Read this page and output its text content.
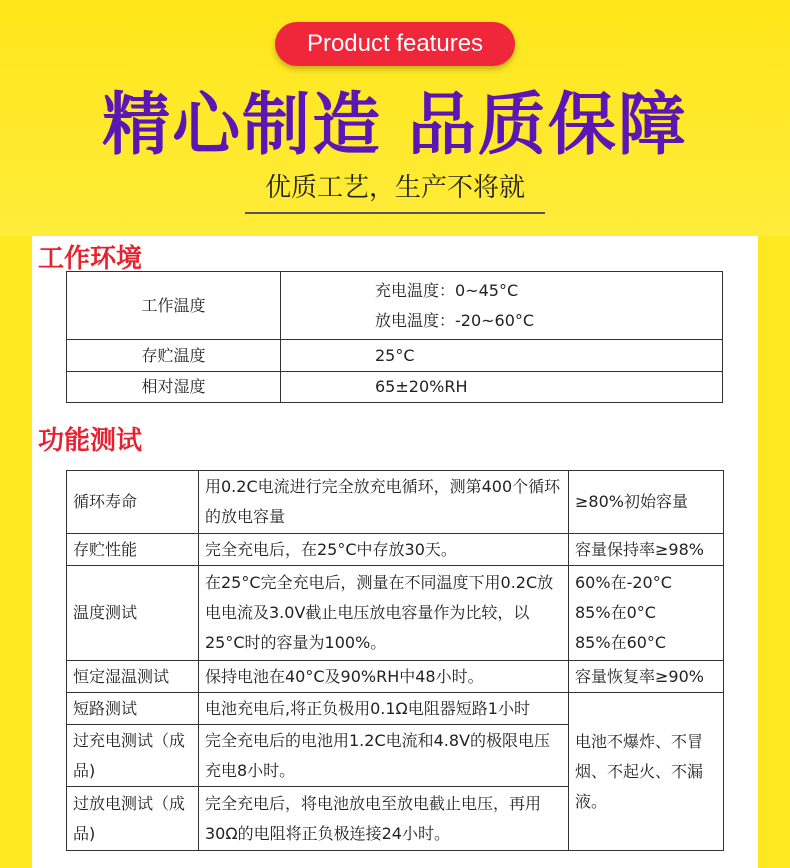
Product features
精心制造 品质保障
优质工艺，生产不将就
工作环境
工作温度	充电温度：0~45°C
放电温度：-20~60°C

存贮温度	25°C
相对湿度	65±20%RH
功能测试
循环寿命	用0.2C电流进行完全放充电循环，测第400个循环的放电容量	≥80%初始容量
存贮性能	完全充电后，在25°C中存放30天。	容量保持率≥98%
温度测试	在25°C完全充电后，测量在不同温度下用0.2C放电电流及3.0V截止电压放电容量作为比较，以25°C时的容量为100%。	60%在-20°C
85%在0°C
85%在60°C

恒定湿温测试	保持电池在40°C及90%RH中48小时。	容量恢复率≥90%
短路测试	电池充电后,将正负极用0.1Ω电阻器短路1小时	电池不爆炸、不冒烟、不起火、不漏液。
过充电测试（成品)	完全充电后的电池用1.2C电流和4.8V的极限电压充电8小时。	
过放电测试（成品)	完全充电后，将电池放电至放电截止电压，再用30Ω的电阻将正负极连接24小时。	
